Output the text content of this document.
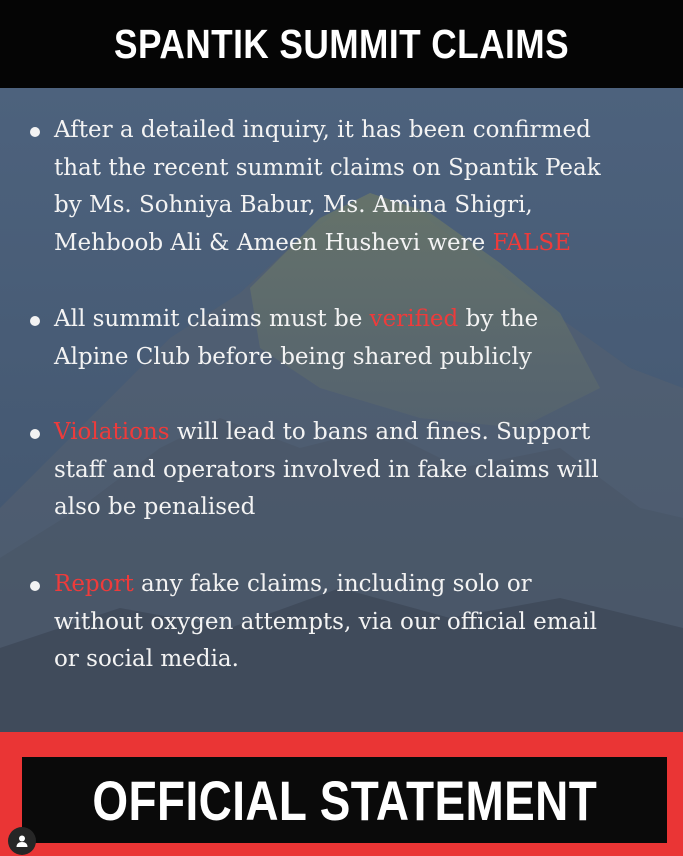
SPANTIK SUMMIT CLAIMS
After a detailed inquiry, it has been confirmed
that the recent summit claims on Spantik Peak
by Ms. Sohniya Babur, Ms. Amina Shigri,
Mehboob Ali & Ameen Hushevi were FALSE
All summit claims must be verified by the
Alpine Club before being shared publicly
Violations will lead to bans and fines. Support
staff and operators involved in fake claims will
also be penalised
Report any fake claims, including solo or
without oxygen attempts, via our official email
or social media.
OFFICIAL STATEMENT
